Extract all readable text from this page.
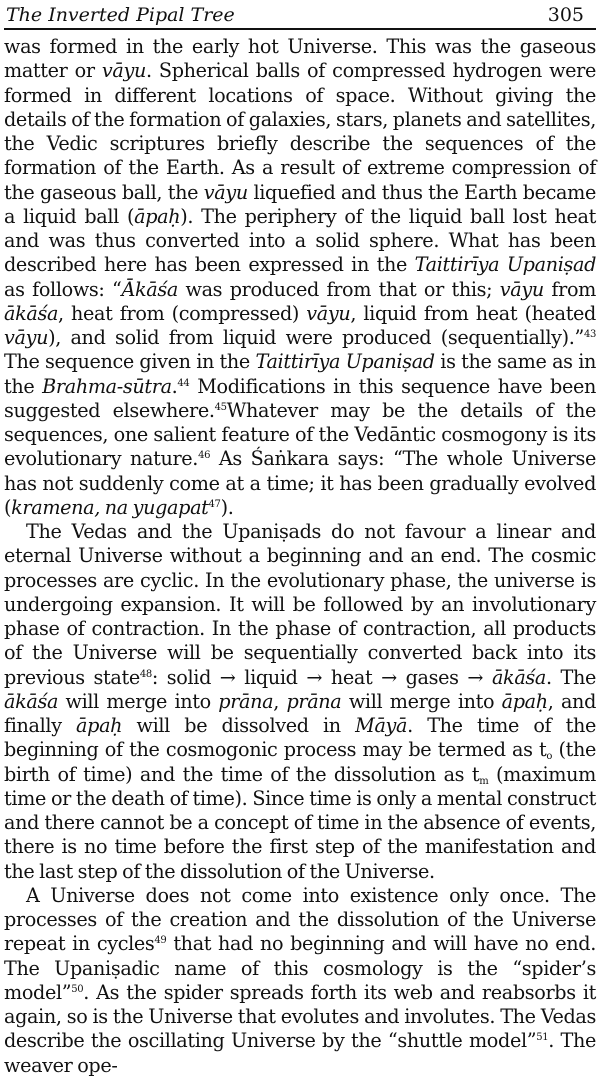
The Inverted Pipal Tree	305

was formed in the early hot Universe. This was the gaseous matter or vāyu. Spherical balls of compressed hydrogen were formed in different locations of space. Without giving the details of the formation of galaxies, stars, planets and satellites, the Vedic scriptures briefly describe the sequences of the formation of the Earth. As a result of extreme compression of the gaseous ball, the vāyu liquefied and thus the Earth became a liquid ball (āpaḥ). The periphery of the liquid ball lost heat and was thus converted into a solid sphere. What has been described here has been expressed in the Taittirīya Upaniṣad as follows: “Ākāśa was produced from that or this; vāyu from ākāśa, heat from (compressed) vāyu, liquid from heat (heated vāyu), and solid from liquid were produced (sequentially).”$^{43}$ The sequence given in the Taittirīya Upaniṣad is the same as in the Brahma-sūtra.$^{44}$ Modifications in this sequence have been suggested elsewhere.$^{45}$Whatever may be the details of the sequences, one salient feature of the Vedāntic cosmogony is its evolutionary nature.$^{46}$ As Śaṅkara says: “The whole Universe has not suddenly come at a time; it has been gradually evolved (kramena, na yugapat$^{47}$).

The Vedas and the Upaniṣads do not favour a linear and eternal Universe without a beginning and an end. The cosmic processes are cyclic. In the evolutionary phase, the universe is undergoing expansion. It will be followed by an involutionary phase of contraction. In the phase of contraction, all products of the Universe will be sequentially converted back into its previous state$^{48}$: solid → liquid → heat → gases → ākāśa. The ākāśa will merge into prāna, prāna will merge into āpaḥ, and finally āpaḥ will be dissolved in Māyā. The time of the beginning of the cosmogonic process may be termed as $t_o$ (the birth of time) and the time of the dissolution as $t_m$ (maximum time or the death of time). Since time is only a mental construct and there cannot be a concept of time in the absence of events, there is no time before the first step of the manifestation and the last step of the dissolution of the Universe.

A Universe does not come into existence only once. The processes of the creation and the dissolution of the Universe repeat in cycles$^{49}$ that had no beginning and will have no end. The Upaniṣadic name of this cosmology is the “spider’s model”$^{50}$. As the spider spreads forth its web and reabsorbs it again, so is the Universe that evolutes and involutes. The Vedas describe the oscillating Universe by the “shuttle model”$^{51}$. The weaver ope-
